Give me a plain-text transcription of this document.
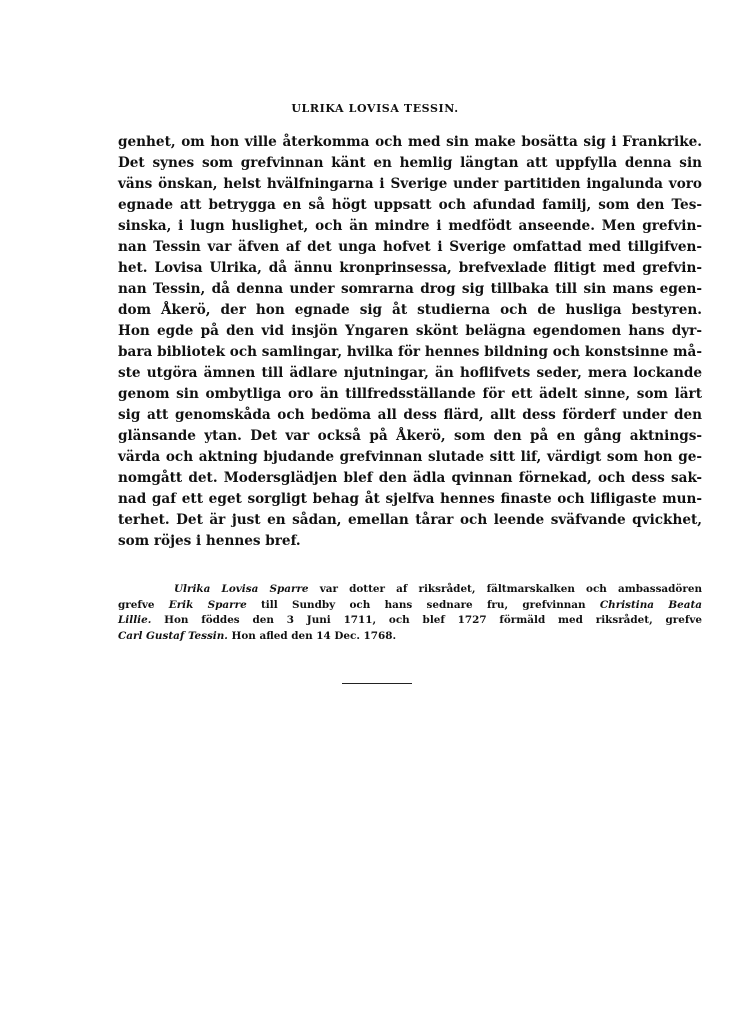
ULRIKA LOVISA TESSIN.
genhet, om hon ville återkomma och med sin make bosätta sig i Frankrike.
Det synes som grefvinnan känt en hemlig längtan att uppfylla denna sin
väns önskan, helst hvälfningarna i Sverige under partitiden ingalunda voro
egnade att betrygga en så högt uppsatt och afundad familj, som den Tes-
sinska, i lugn huslighet, och än mindre i medfödt anseende. Men grefvin-
nan Tessin var äfven af det unga hofvet i Sverige omfattad med tillgifven-
het. Lovisa Ulrika, då ännu kronprinsessa, brefvexlade flitigt med grefvin-
nan Tessin, då denna under somrarna drog sig tillbaka till sin mans egen-
dom Åkerö, der hon egnade sig åt studierna och de husliga bestyren.
Hon egde på den vid insjön Yngaren skönt belägna egendomen hans dyr-
bara bibliotek och samlingar, hvilka för hennes bildning och konstsinne må-
ste utgöra ämnen till ädlare njutningar, än hoflifvets seder, mera lockande
genom sin ombytliga oro än tillfredsställande för ett ädelt sinne, som lärt
sig att genomskåda och bedöma all dess flärd, allt dess förderf under den
glänsande ytan. Det var också på Åkerö, som den på en gång aktnings-
värda och aktning bjudande grefvinnan slutade sitt lif, värdigt som hon ge-
nomgått det. Modersglädjen blef den ädla qvinnan förnekad, och dess sak-
nad gaf ett eget sorgligt behag åt sjelfva hennes finaste och lifligaste mun-
terhet. Det är just en sådan, emellan tårar och leende sväfvande qvickhet,
som röjes i hennes bref.
Ulrika Lovisa Sparre var dotter af riksrådet, fältmarskalken och ambassadören
grefve Erik Sparre till Sundby och hans sednare fru, grefvinnan Christina Beata
Lillie. Hon föddes den 3 Juni 1711, och blef 1727 förmäld med riksrådet, grefve
Carl Gustaf Tessin. Hon afled den 14 Dec. 1768.
